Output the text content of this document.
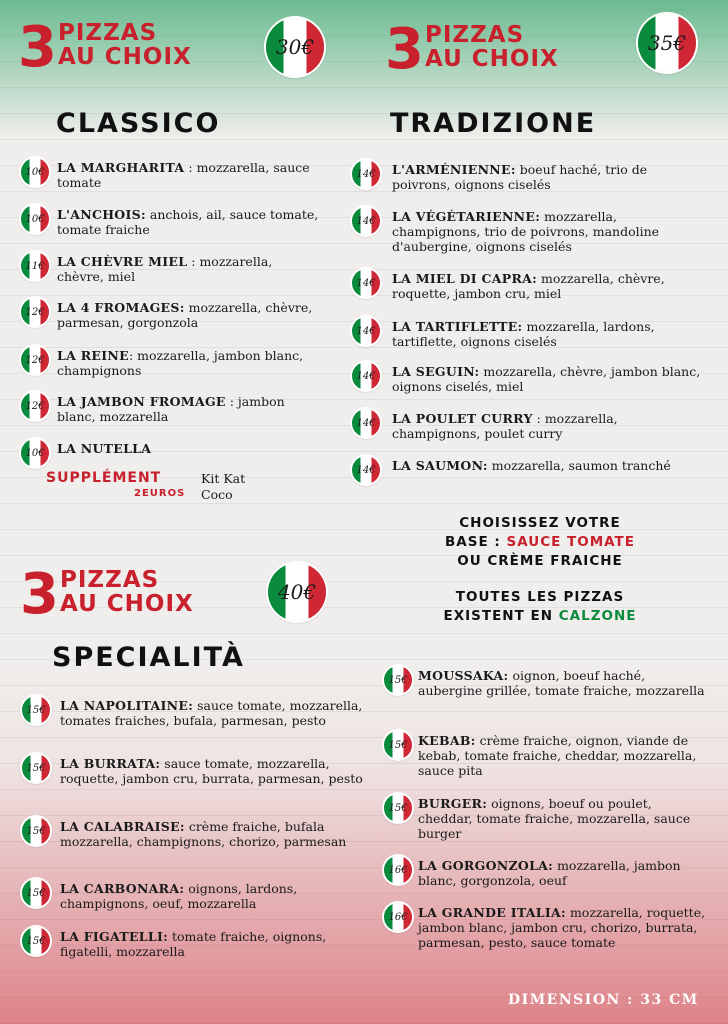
3 PIZZAS
AU CHOIX	30€ 3 PIZZAS
AU CHOIX
35€
CLASSICO
10€ LA MARGHARITA : mozzarella, sauce tomate
10€ L'ANCHOIS: anchois, ail, sauce tomate, tomate fraiche
11€ LA CHÈVRE MIEL : mozzarella, chèvre, miel
12€ LA 4 FROMAGES: mozzarella, chèvre, parmesan, gorgonzola
12€ LA REINE: mozzarella, jambon blanc, champignons
12€ LA JAMBON FROMAGE : jambon blanc, mozzarella
10€ LA NUTELLA
SUPPLÉMENT
2EUROS
Kit Kat
Coco
TRADIZIONE
14€ L'ARMÉNIENNE: boeuf haché, trio de poivrons, oignons ciselés
14€ LA VÉGÉTARIENNE: mozzarella, champignons, trio de poivrons, mandoline d'aubergine, oignons ciselés
14€ LA MIEL DI CAPRA: mozzarella, chèvre, roquette, jambon cru, miel
14€ LA TARTIFLETTE: mozzarella, lardons, tartiflette, oignons ciselés
14€ LA SEGUIN: mozzarella, chèvre, jambon blanc, oignons ciselés, miel
14€ LA POULET CURRY : mozzarella, champignons, poulet curry
14€ LA SAUMON: mozzarella, saumon tranché
CHOISISSEZ VOTRE
BASE : SAUCE TOMATE
OU CRÈME FRAICHE
TOUTES LES PIZZAS
EXISTENT EN CALZONE
3 PIZZAS
AU CHOIX	40€
SPECIALITÀ
15€ LA NAPOLITAINE: sauce tomate, mozzarella, tomates fraiches, bufala, parmesan, pesto
15€ LA BURRATA: sauce tomate, mozzarella, roquette, jambon cru, burrata, parmesan, pesto
15€ LA CALABRAISE: crème fraiche, bufala mozzarella, champignons, chorizo, parmesan
15€ LA CARBONARA: oignons, lardons, champignons, oeuf, mozzarella
15€ LA FIGATELLI: tomate fraiche, oignons, figatelli, mozzarella
15€ MOUSSAKA: oignon, boeuf haché, aubergine grillée, tomate fraiche, mozzarella
15€ KEBAB: crème fraiche, oignon, viande de kebab, tomate fraiche, cheddar, mozzarella, sauce pita
15€ BURGER: oignons, boeuf ou poulet, cheddar, tomate fraiche, mozzarella, sauce burger
16€ LA GORGONZOLA: mozzarella, jambon blanc, gorgonzola, oeuf
16€ LA GRANDE ITALIA: mozzarella, roquette, jambon blanc, jambon cru, chorizo, burrata, parmesan, pesto, sauce tomate
DIMENSION : 33 CM
